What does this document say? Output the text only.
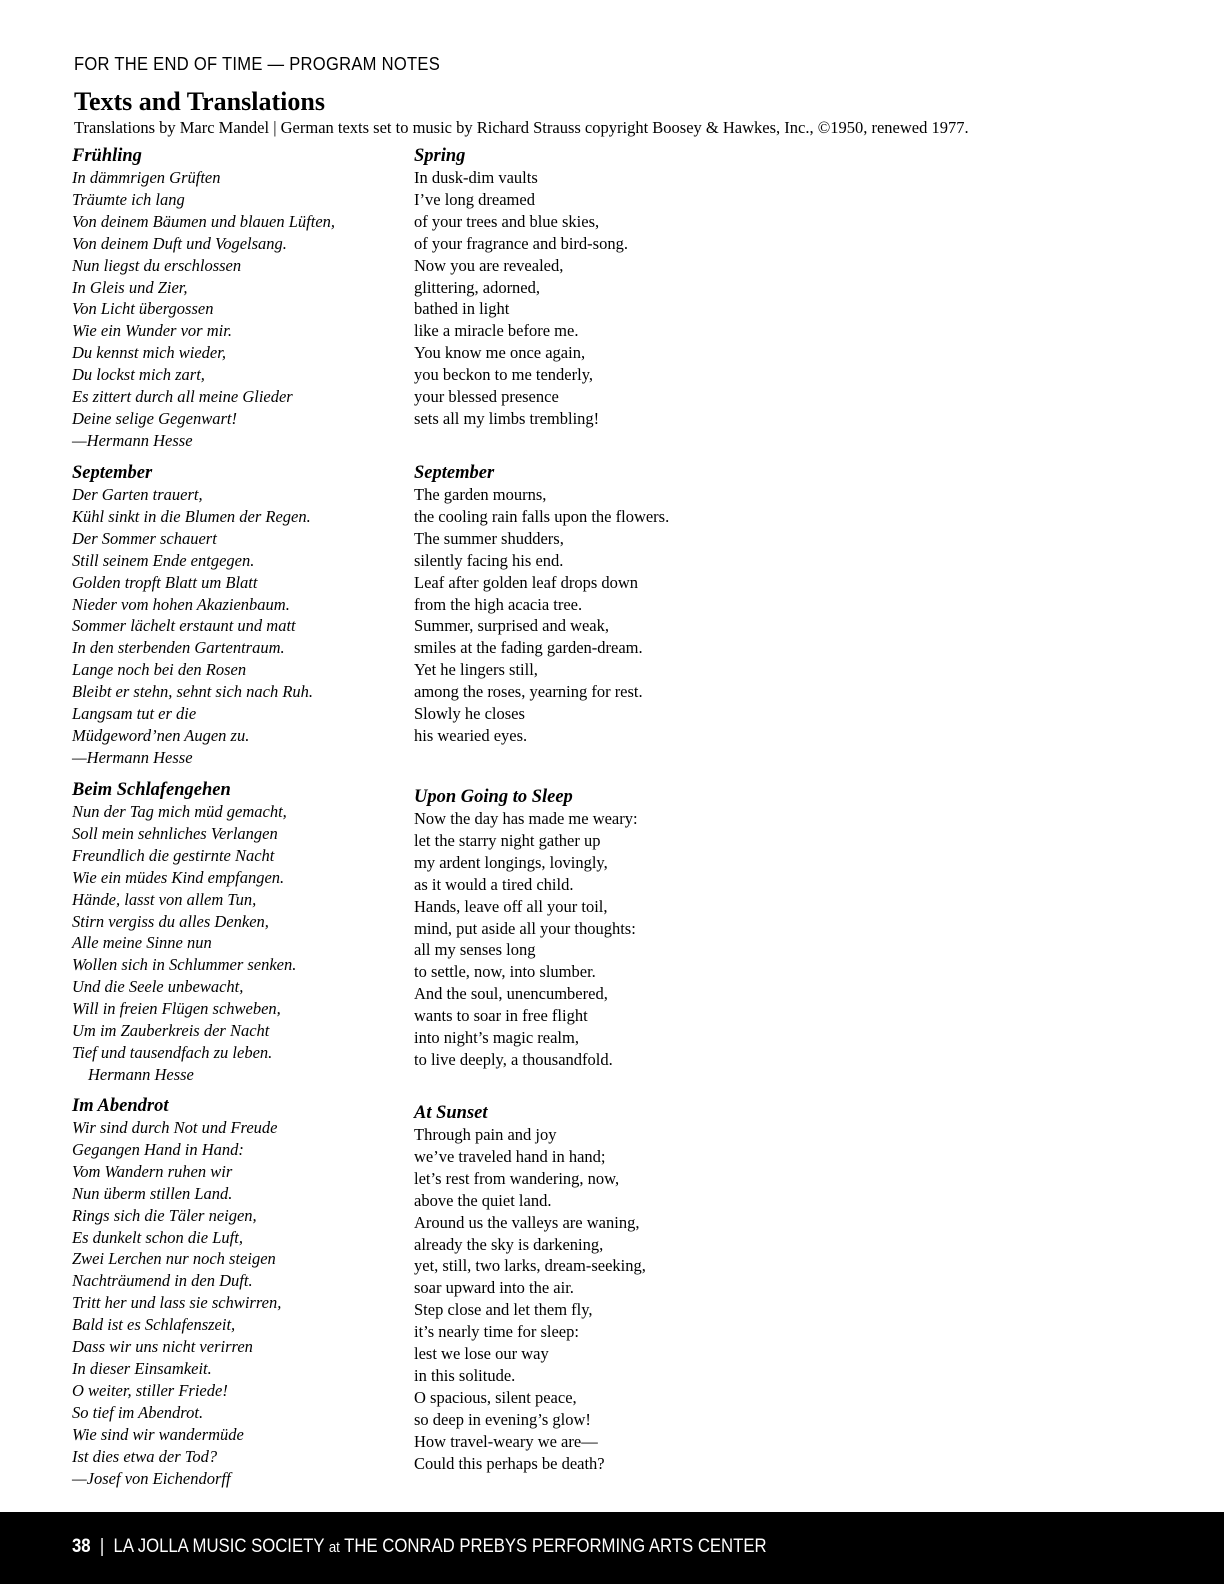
FOR THE END OF TIME — PROGRAM NOTES
Texts and Translations
Translations by Marc Mandel | German texts set to music by Richard Strauss copyright Boosey & Hawkes, Inc., ©1950, renewed 1977.
Frühling
In dämmrigen Grüften
Träumte ich lang
Von deinem Bäumen und blauen Lüften,
Von deinem Duft und Vogelsang.
Nun liegst du erschlossen
In Gleis und Zier,
Von Licht übergossen
Wie ein Wunder vor mir.
Du kennst mich wieder,
Du lockst mich zart,
Es zittert durch all meine Glieder
Deine selige Gegenwart!
—Hermann Hesse
Spring
In dusk-dim vaults
I’ve long dreamed
of your trees and blue skies,
of your fragrance and bird-song.
Now you are revealed,
glittering, adorned,
bathed in light
like a miracle before me.
You know me once again,
you beckon to me tenderly,
your blessed presence
sets all my limbs trembling!
September
Der Garten trauert,
Kühl sinkt in die Blumen der Regen.
Der Sommer schauert
Still seinem Ende entgegen.
Golden tropft Blatt um Blatt
Nieder vom hohen Akazienbaum.
Sommer lächelt erstaunt und matt
In den sterbenden Gartentraum.
Lange noch bei den Rosen
Bleibt er stehn, sehnt sich nach Ruh.
Langsam tut er die
Müdgeword’nen Augen zu.
—Hermann Hesse
September
The garden mourns,
the cooling rain falls upon the flowers.
The summer shudders,
silently facing his end.
Leaf after golden leaf drops down
from the high acacia tree.
Summer, surprised and weak,
smiles at the fading garden-dream.
Yet he lingers still,
among the roses, yearning for rest.
Slowly he closes
his wearied eyes.
Beim Schlafengehen
Nun der Tag mich müd gemacht,
Soll mein sehnliches Verlangen
Freundlich die gestirnte Nacht
Wie ein müdes Kind empfangen.
Hände, lasst von allem Tun,
Stirn vergiss du alles Denken,
Alle meine Sinne nun
Wollen sich in Schlummer senken.
Und die Seele unbewacht,
Will in freien Flügen schweben,
Um im Zauberkreis der Nacht
Tief und tausendfach zu leben.
Hermann Hesse
Upon Going to Sleep
Now the day has made me weary:
let the starry night gather up
my ardent longings, lovingly,
as it would a tired child.
Hands, leave off all your toil,
mind, put aside all your thoughts:
all my senses long
to settle, now, into slumber.
And the soul, unencumbered,
wants to soar in free flight
into night’s magic realm,
to live deeply, a thousandfold.
Im Abendrot
Wir sind durch Not und Freude
Gegangen Hand in Hand:
Vom Wandern ruhen wir
Nun überm stillen Land.
Rings sich die Täler neigen,
Es dunkelt schon die Luft,
Zwei Lerchen nur noch steigen
Nachträumend in den Duft.
Tritt her und lass sie schwirren,
Bald ist es Schlafenszeit,
Dass wir uns nicht verirren
In dieser Einsamkeit.
O weiter, stiller Friede!
So tief im Abendrot.
Wie sind wir wandermüde
Ist dies etwa der Tod?
—Josef von Eichendorff
At Sunset
Through pain and joy
we’ve traveled hand in hand;
let’s rest from wandering, now,
above the quiet land.
Around us the valleys are waning,
already the sky is darkening,
yet, still, two larks, dream-seeking,
soar upward into the air.
Step close and let them fly,
it’s nearly time for sleep:
lest we lose our way
in this solitude.
O spacious, silent peace,
so deep in evening’s glow!
How travel-weary we are—
Could this perhaps be death?
38 | LA JOLLA MUSIC SOCIETY at THE CONRAD PREBYS PERFORMING ARTS CENTER
